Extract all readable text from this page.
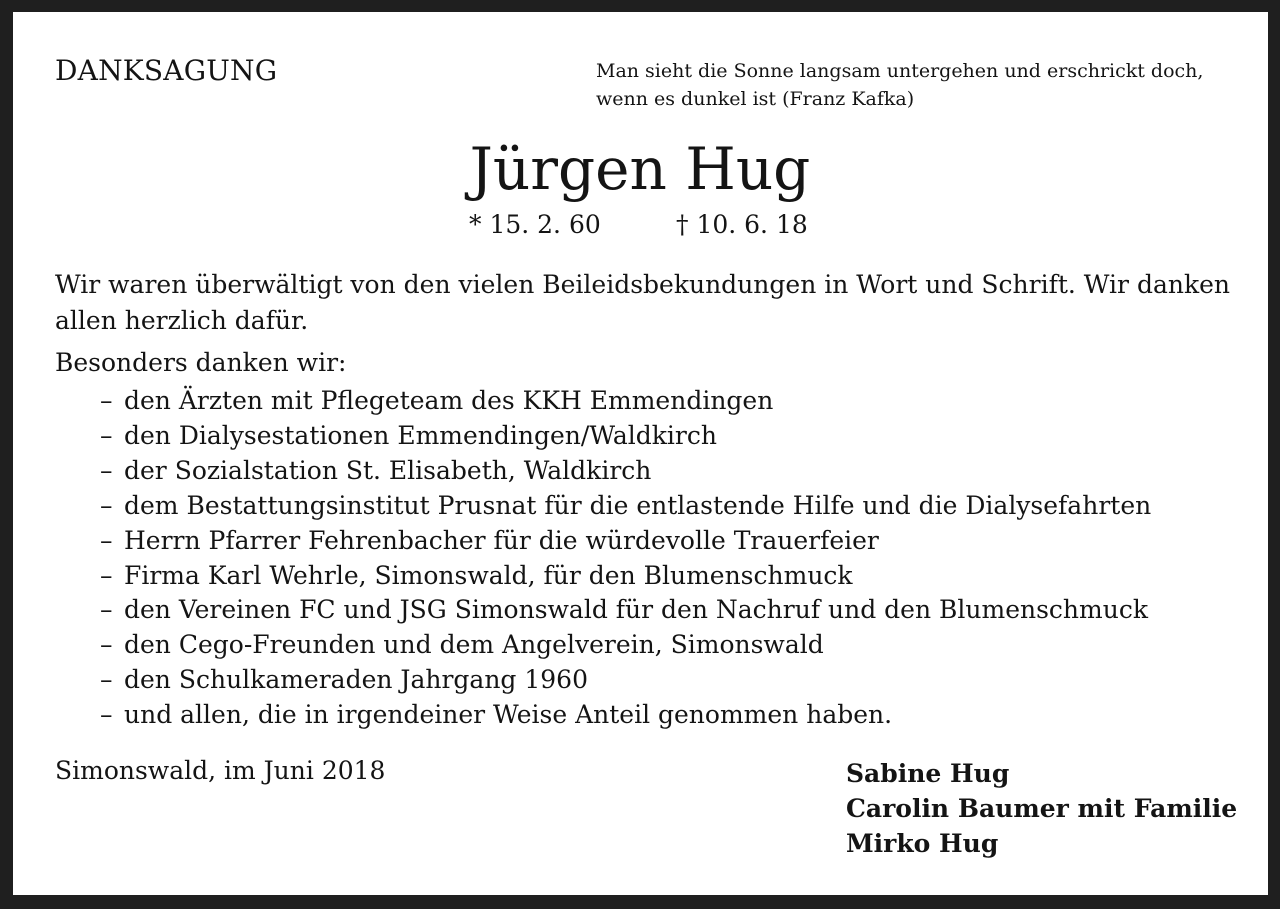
DANKSAGUNG	Man sieht die Sonne langsam untergehen und erschrickt doch,
wenn es dunkel ist (Franz Kafka)
Jürgen Hug
* 15. 2. 60	† 10. 6. 18
Wir waren überwältigt von den vielen Beileidsbekundungen in Wort und Schrift. Wir danken
allen herzlich dafür.
Besonders danken wir:
– den Ärzten mit Pflegeteam des KKH Emmendingen
– den Dialysestationen Emmendingen/Waldkirch
– der Sozialstation St. Elisabeth, Waldkirch
– dem Bestattungsinstitut Prusnat für die entlastende Hilfe und die Dialysefahrten
– Herrn Pfarrer Fehrenbacher für die würdevolle Trauerfeier
– Firma Karl Wehrle, Simonswald, für den Blumenschmuck
– den Vereinen FC und JSG Simonswald für den Nachruf und den Blumenschmuck
– den Cego-Freunden und dem Angelverein, Simonswald
– den Schulkameraden Jahrgang 1960
– und allen, die in irgendeiner Weise Anteil genommen haben.
Simonswald, im Juni 2018	Sabine Hug
Carolin Baumer mit Familie
Mirko Hug
